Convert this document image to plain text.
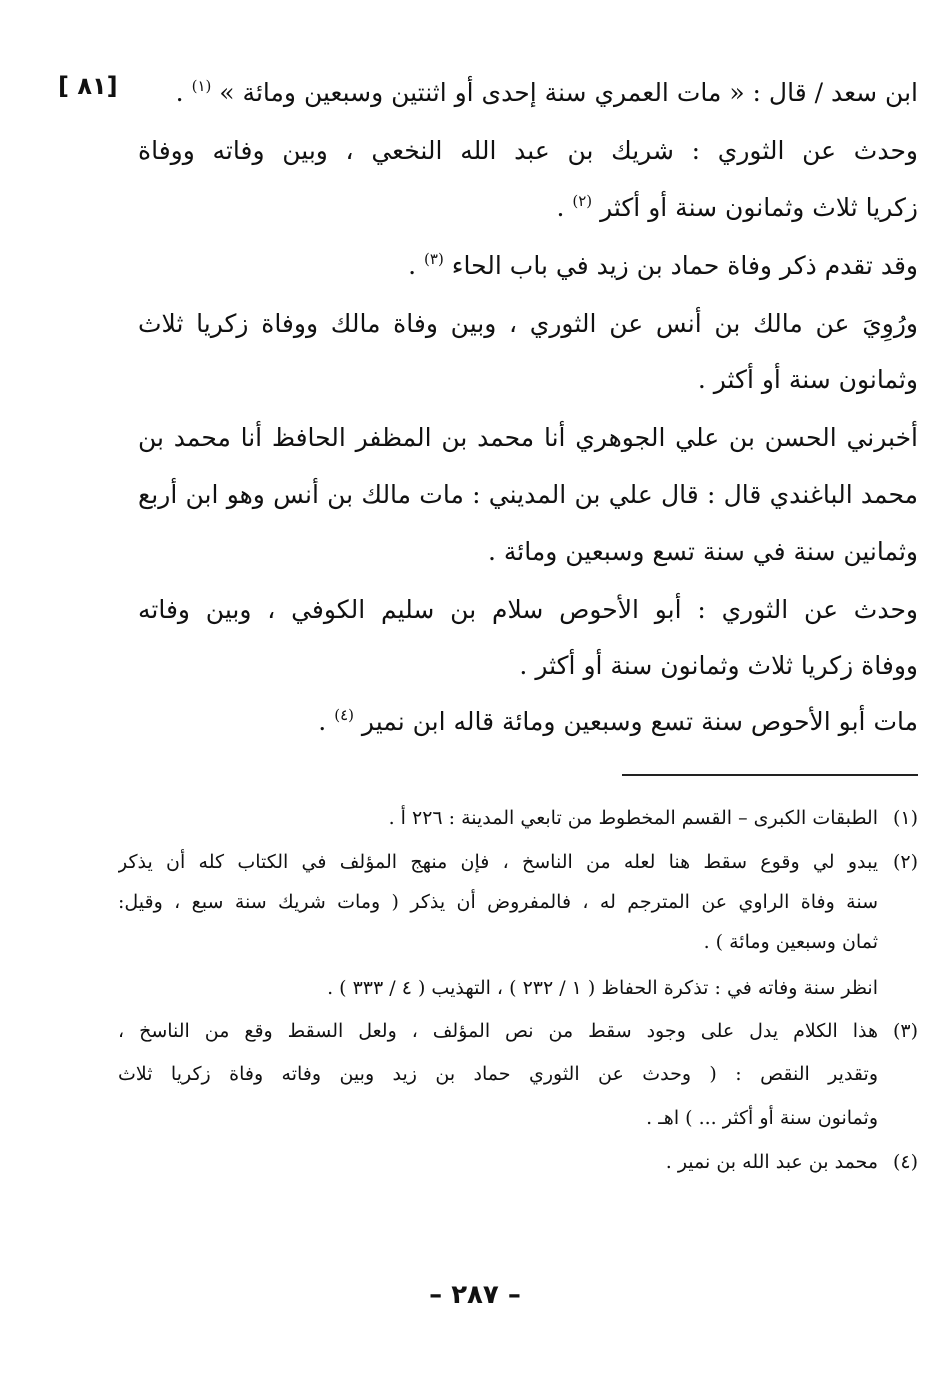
[ ٨١]	ابن سعد / قال : « مات العمري سنة إحدى أو اثنتين وسبعين ومائة » $^{(١)}$ .
وحدث عن الثوري : شريك بن عبد الله النخعي ، وبين وفاته ووفاة
زكريا ثلاث وثمانون سنة أو أكثر $^{(٢)}$ .
وقد تقدم ذكر وفاة حماد بن زيد في باب الحاء $^{(٣)}$ .
ورُوِيَ عن مالك بن أنس عن الثوري ، وبين وفاة مالك ووفاة زكريا ثلاث
وثمانون سنة أو أكثر .
أخبرني الحسن بن علي الجوهري أنا محمد بن المظفر الحافظ أنا محمد بن
محمد الباغندي قال : قال علي بن المديني : مات مالك بن أنس وهو ابن أربع
وثمانين سنة في سنة تسع وسبعين ومائة .
وحدث عن الثوري : أبو الأحوص سلام بن سليم الكوفي ، وبين وفاته
ووفاة زكريا ثلاث وثمانون سنة أو أكثر .
مات أبو الأحوص سنة تسع وسبعين ومائة قاله ابن نمير $^{(٤)}$ .
(١)
الطبقات الكبرى – القسم المخطوط من تابعي المدينة : ٢٢٦ أ .
(٢)
يبدو لي وقوع سقط هنا لعله من الناسخ ، فإن منهج المؤلف في الكتاب كله أن يذكر
سنة وفاة الراوي عن المترجم له ، فالمفروض أن يذكر ( ومات شريك سنة سبع ، وقيل:
ثمان وسبعين ومائة ) .
انظر سنة وفاته في : تذكرة الحفاظ ( ١ / ٢٣٢ ) ، التهذيب ( ٤ / ٣٣٣ ) .
(٣)
هذا الكلام يدل على وجود سقط من نص المؤلف ، ولعل السقط وقع من الناسخ ،
وتقدير النقص : ( وحدث عن الثوري حماد بن زيد وبين وفاته وفاة زكريا ثلاث
وثمانون سنة أو أكثر ... ) اهـ .
(٤)
محمد بن عبد الله بن نمير .
– ٢٨٧ –
